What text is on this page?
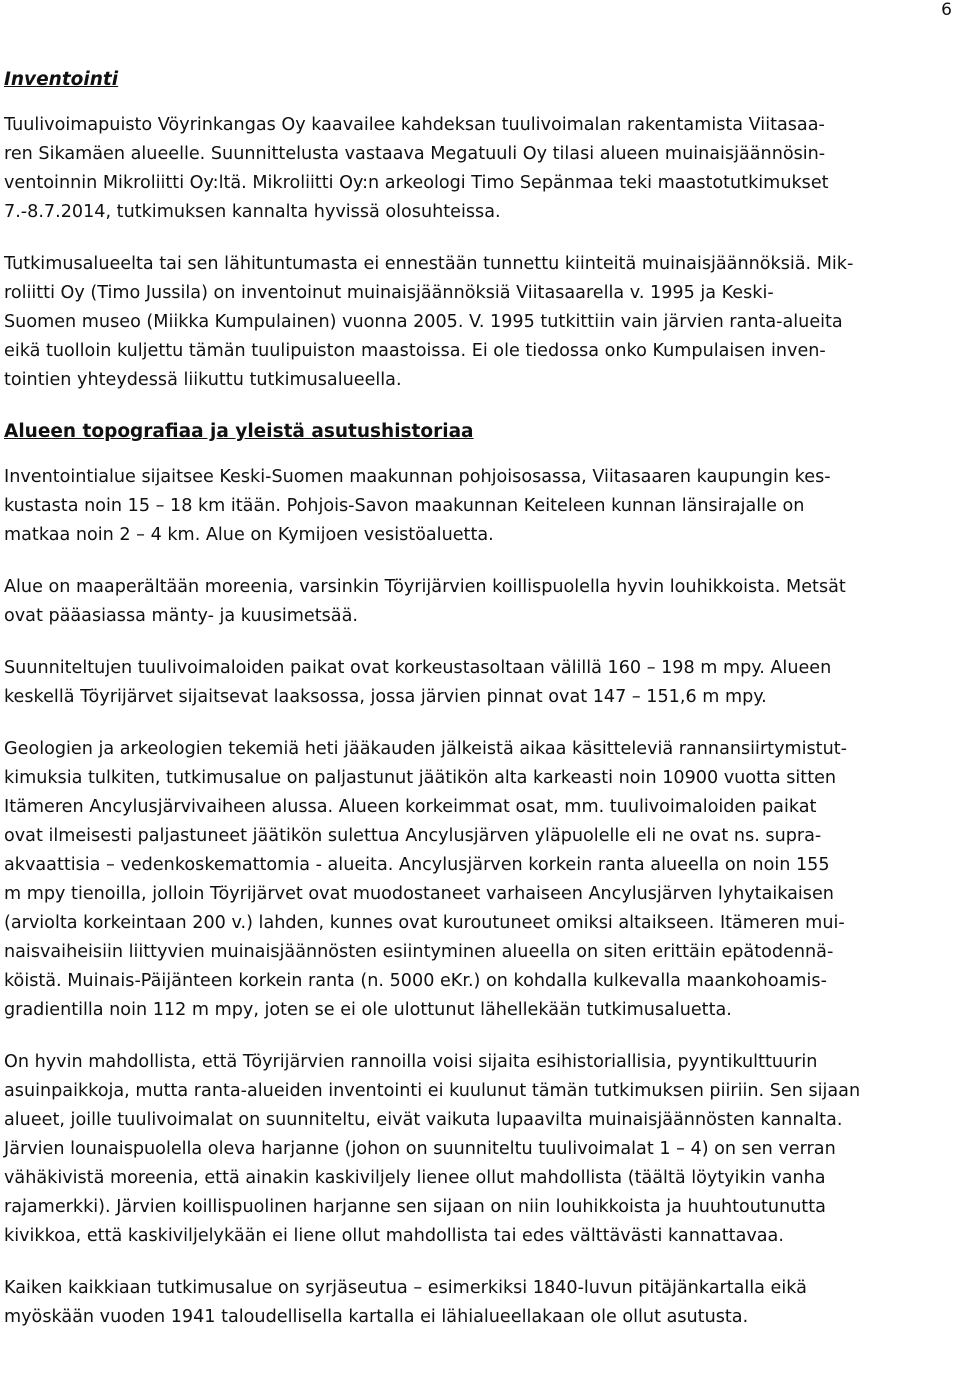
6
Inventointi

Tuulivoimapuisto Vöyrinkangas Oy kaavailee kahdeksan tuulivoimalan rakentamista Viitasaa-
ren Sikamäen alueelle. Suunnittelusta vastaava Megatuuli Oy tilasi alueen muinaisjäännösin-
ventoinnin Mikroliitti Oy:ltä. Mikroliitti Oy:n arkeologi Timo Sepänmaa teki maastotutkimukset
7.-8.7.2014, tutkimuksen kannalta hyvissä olosuhteissa.

Tutkimusalueelta tai sen lähituntumasta ei ennestään tunnettu kiinteitä muinaisjäännöksiä. Mik-
roliitti Oy (Timo Jussila) on inventoinut muinaisjäännöksiä Viitasaarella v. 1995 ja Keski-
Suomen museo (Miikka Kumpulainen) vuonna 2005. V. 1995 tutkittiin vain järvien ranta-alueita
eikä tuolloin kuljettu tämän tuulipuiston maastoissa. Ei ole tiedossa onko Kumpulaisen inven-
tointien yhteydessä liikuttu tutkimusalueella.

Alueen topografiaa ja yleistä asutushistoriaa

Inventointialue sijaitsee Keski-Suomen maakunnan pohjoisosassa, Viitasaaren kaupungin kes-
kustasta noin 15 – 18 km itään. Pohjois-Savon maakunnan Keiteleen kunnan länsirajalle on
matkaa noin 2 – 4 km. Alue on Kymijoen vesistöaluetta.

Alue on maaperältään moreenia, varsinkin Töyrijärvien koillispuolella hyvin louhikkoista. Metsät
ovat pääasiassa mänty- ja kuusimetsää.

Suunniteltujen tuulivoimaloiden paikat ovat korkeustasoltaan välillä 160 – 198 m mpy. Alueen
keskellä Töyrijärvet sijaitsevat laaksossa, jossa järvien pinnat ovat 147 – 151,6 m mpy.

Geologien ja arkeologien tekemiä heti jääkauden jälkeistä aikaa käsitteleviä rannansiirtymistut-
kimuksia tulkiten, tutkimusalue on paljastunut jäätikön alta karkeasti noin 10900 vuotta sitten
Itämeren Ancylusjärvivaiheen alussa. Alueen korkeimmat osat, mm. tuulivoimaloiden paikat
ovat ilmeisesti paljastuneet jäätikön sulettua Ancylusjärven yläpuolelle eli ne ovat ns. supra-
akvaattisia – vedenkoskemattomia - alueita. Ancylusjärven korkein ranta alueella on noin 155
m mpy tienoilla, jolloin Töyrijärvet ovat muodostaneet varhaiseen Ancylusjärven lyhytaikaisen
(arviolta korkeintaan 200 v.) lahden, kunnes ovat kuroutuneet omiksi altaikseen. Itämeren mui-
naisvaiheisiin liittyvien muinaisjäännösten esiintyminen alueella on siten erittäin epätodennä-
köistä. Muinais-Päijänteen korkein ranta (n. 5000 eKr.) on kohdalla kulkevalla maankohoamis-
gradientilla noin 112 m mpy, joten se ei ole ulottunut lähellekään tutkimusaluetta.

On hyvin mahdollista, että Töyrijärvien rannoilla voisi sijaita esihistoriallisia, pyyntikulttuurin
asuinpaikkoja, mutta ranta-alueiden inventointi ei kuulunut tämän tutkimuksen piiriin. Sen sijaan
alueet, joille tuulivoimalat on suunniteltu, eivät vaikuta lupaavilta muinaisjäännösten kannalta.
Järvien lounaispuolella oleva harjanne (johon on suunniteltu tuulivoimalat 1 – 4) on sen verran
vähäkivistä moreenia, että ainakin kaskiviljely lienee ollut mahdollista (täältä löytyikin vanha
rajamerkki). Järvien koillispuolinen harjanne sen sijaan on niin louhikkoista ja huuhtoutunutta
kivikkoa, että kaskiviljelykään ei liene ollut mahdollista tai edes välttävästi kannattavaa.

Kaiken kaikkiaan tutkimusalue on syrjäseutua – esimerkiksi 1840-luvun pitäjänkartalla eikä
myöskään vuoden 1941 taloudellisella kartalla ei lähialueellakaan ole ollut asutusta.
